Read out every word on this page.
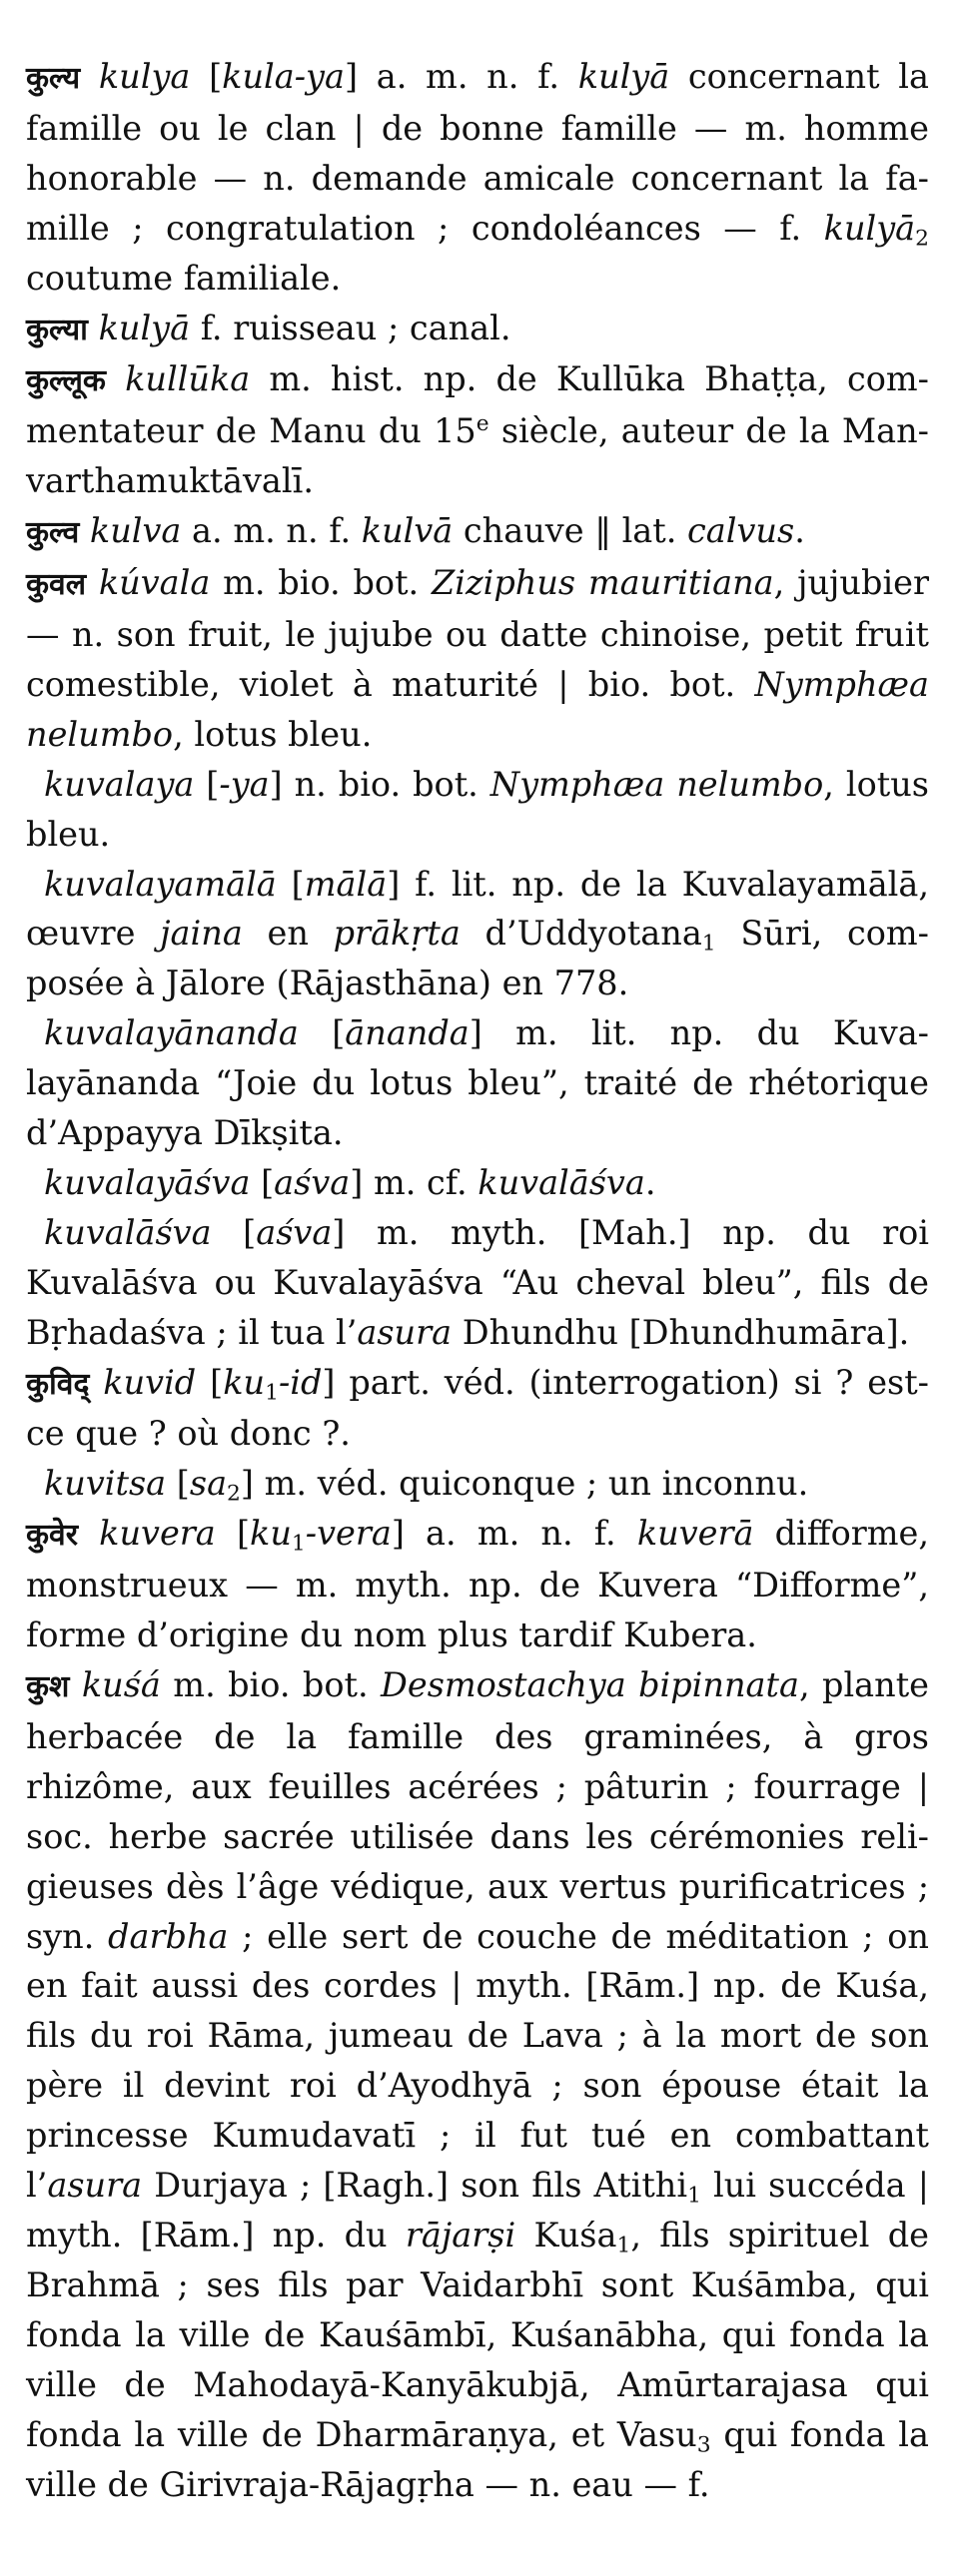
कुल्य kulya [kula-ya] a. m. n. f. kulyā concernant la famille ou le clan | de bonne famille — m. homme honorable — n. demande amicale concernant la famille ; congratulation ; condoléances — f. kulyā$_2$ coutume familiale.

कुल्या kulyā f. ruisseau ; canal.

कुल्लूक kullūka m. hist. np. de Kullūka Bhaṭṭa, commentateur de Manu du 15e siècle, auteur de la Manvarthamuktāvalī.

कुल्व kulva a. m. n. f. kulvā chauve ‖ lat. calvus.

कुवल kúvala m. bio. bot. Ziziphus mauritiana, jujubier — n. son fruit, le jujube ou datte chinoise, petit fruit comestible, violet à maturité | bio. bot. Nymphæa nelumbo, lotus bleu.

kuvalaya [-ya] n. bio. bot. Nymphæa nelumbo, lotus bleu.

kuvalayamālā [mālā] f. lit. np. de la Kuvalayamālā, œuvre jaina en prākṛta d’Uddyotana$_1$ Sūri, composée à Jālore (Rājasthāna) en 778.

kuvalayānanda [ānanda] m. lit. np. du Kuvalayānanda “Joie du lotus bleu”, traité de rhétorique d’Appayya Dīkṣita.

kuvalayāśva [aśva] m. cf. kuvalāśva.

kuvalāśva [aśva] m. myth. [Mah.] np. du roi Kuvalāśva ou Kuvalayāśva “Au cheval bleu”, fils de Bṛhadaśva ; il tua l’asura Dhundhu [Dhundhumāra].

कुविद् kuvid $[ku_1-id]$ part. véd. (interrogation) si ? est-ce que ? où donc ?.

kuvitsa $[sa_2]$ m. véd. quiconque ; un inconnu.

कुवेर kuvera $[ku_1-vera]$ a. m. n. f. kuverā difforme, monstrueux — m. myth. np. de Kuvera “Difforme”, forme d’origine du nom plus tardif Kubera.

कुश kuśá m. bio. bot. Desmostachya bipinnata, plante herbacée de la famille des graminées, à gros rhizôme, aux feuilles acérées ; pâturin ; fourrage | soc. herbe sacrée utilisée dans les cérémonies religieuses dès l’âge védique, aux vertus purificatrices ; syn. darbha ; elle sert de couche de méditation ; on en fait aussi des cordes | myth. [Rām.] np. de Kuśa, fils du roi Rāma, jumeau de Lava ; à la mort de son père il devint roi d’Ayodhyā ; son épouse était la princesse Kumudavatī ; il fut tué en combattant l’asura Durjaya ; [Ragh.] son fils Atithi$_1$ lui succéda | myth. [Rām.] np. du rājarṣi Kuśa$_1$, fils spirituel de Brahmā ; ses fils par Vaidarbhī sont Kuśāmba, qui fonda la ville de Kauśāmbī, Kuśanābha, qui fonda la ville de Mahodayā-Kanyākubjā, Amūrtarajasa qui fonda la ville de Dharmāraṇya, et Vasu$_3$ qui fonda la ville de Girivraja-Rājagṛha — n. eau — f.
